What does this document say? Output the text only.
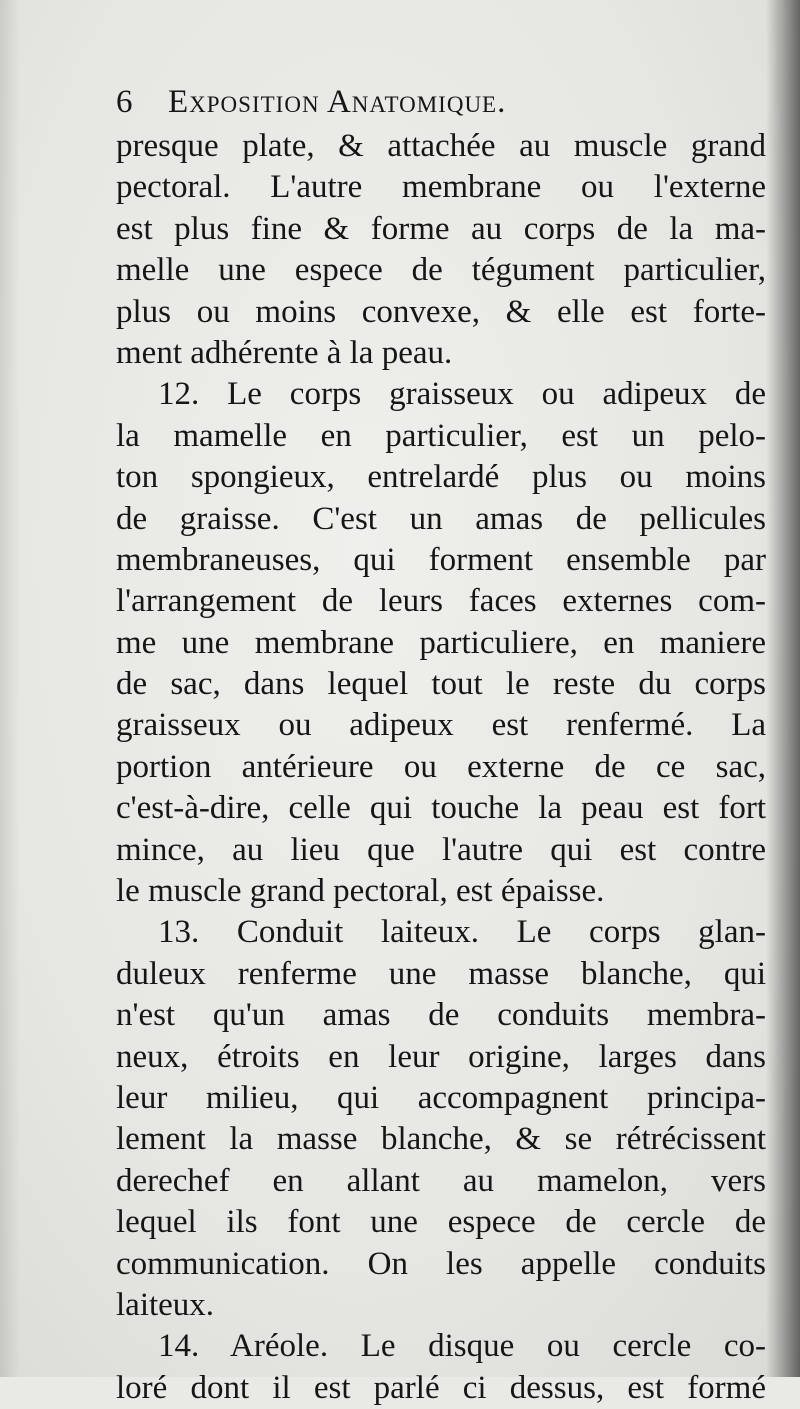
6 Exposition Anatomique.
presque plate, & attachée au muscle grand
pectoral. L'autre membrane ou l'externe
est plus fine & forme au corps de la ma-
melle une espece de tégument particulier,
plus ou moins convexe, & elle est forte-
ment adhérente à la peau.
12. Le corps graisseux ou adipeux de
la mamelle en particulier, est un pelo-
ton spongieux, entrelardé plus ou moins
de graisse. C'est un amas de pellicules
membraneuses, qui forment ensemble par
l'arrangement de leurs faces externes com-
me une membrane particuliere, en maniere
de sac, dans lequel tout le reste du corps
graisseux ou adipeux est renfermé. La
portion antérieure ou externe de ce sac,
c'est-à-dire, celle qui touche la peau est fort
mince, au lieu que l'autre qui est contre
le muscle grand pectoral, est épaisse.
13. Conduit laiteux. Le corps glan-
duleux renferme une masse blanche, qui
n'est qu'un amas de conduits membra-
neux, étroits en leur origine, larges dans
leur milieu, qui accompagnent principa-
lement la masse blanche, & se rétrécissent
derechef en allant au mamelon, vers
lequel ils font une espece de cercle de
communication. On les appelle conduits
laiteux.
14. Aréole. Le disque ou cercle co-
loré dont il est parlé ci dessus, est formé
